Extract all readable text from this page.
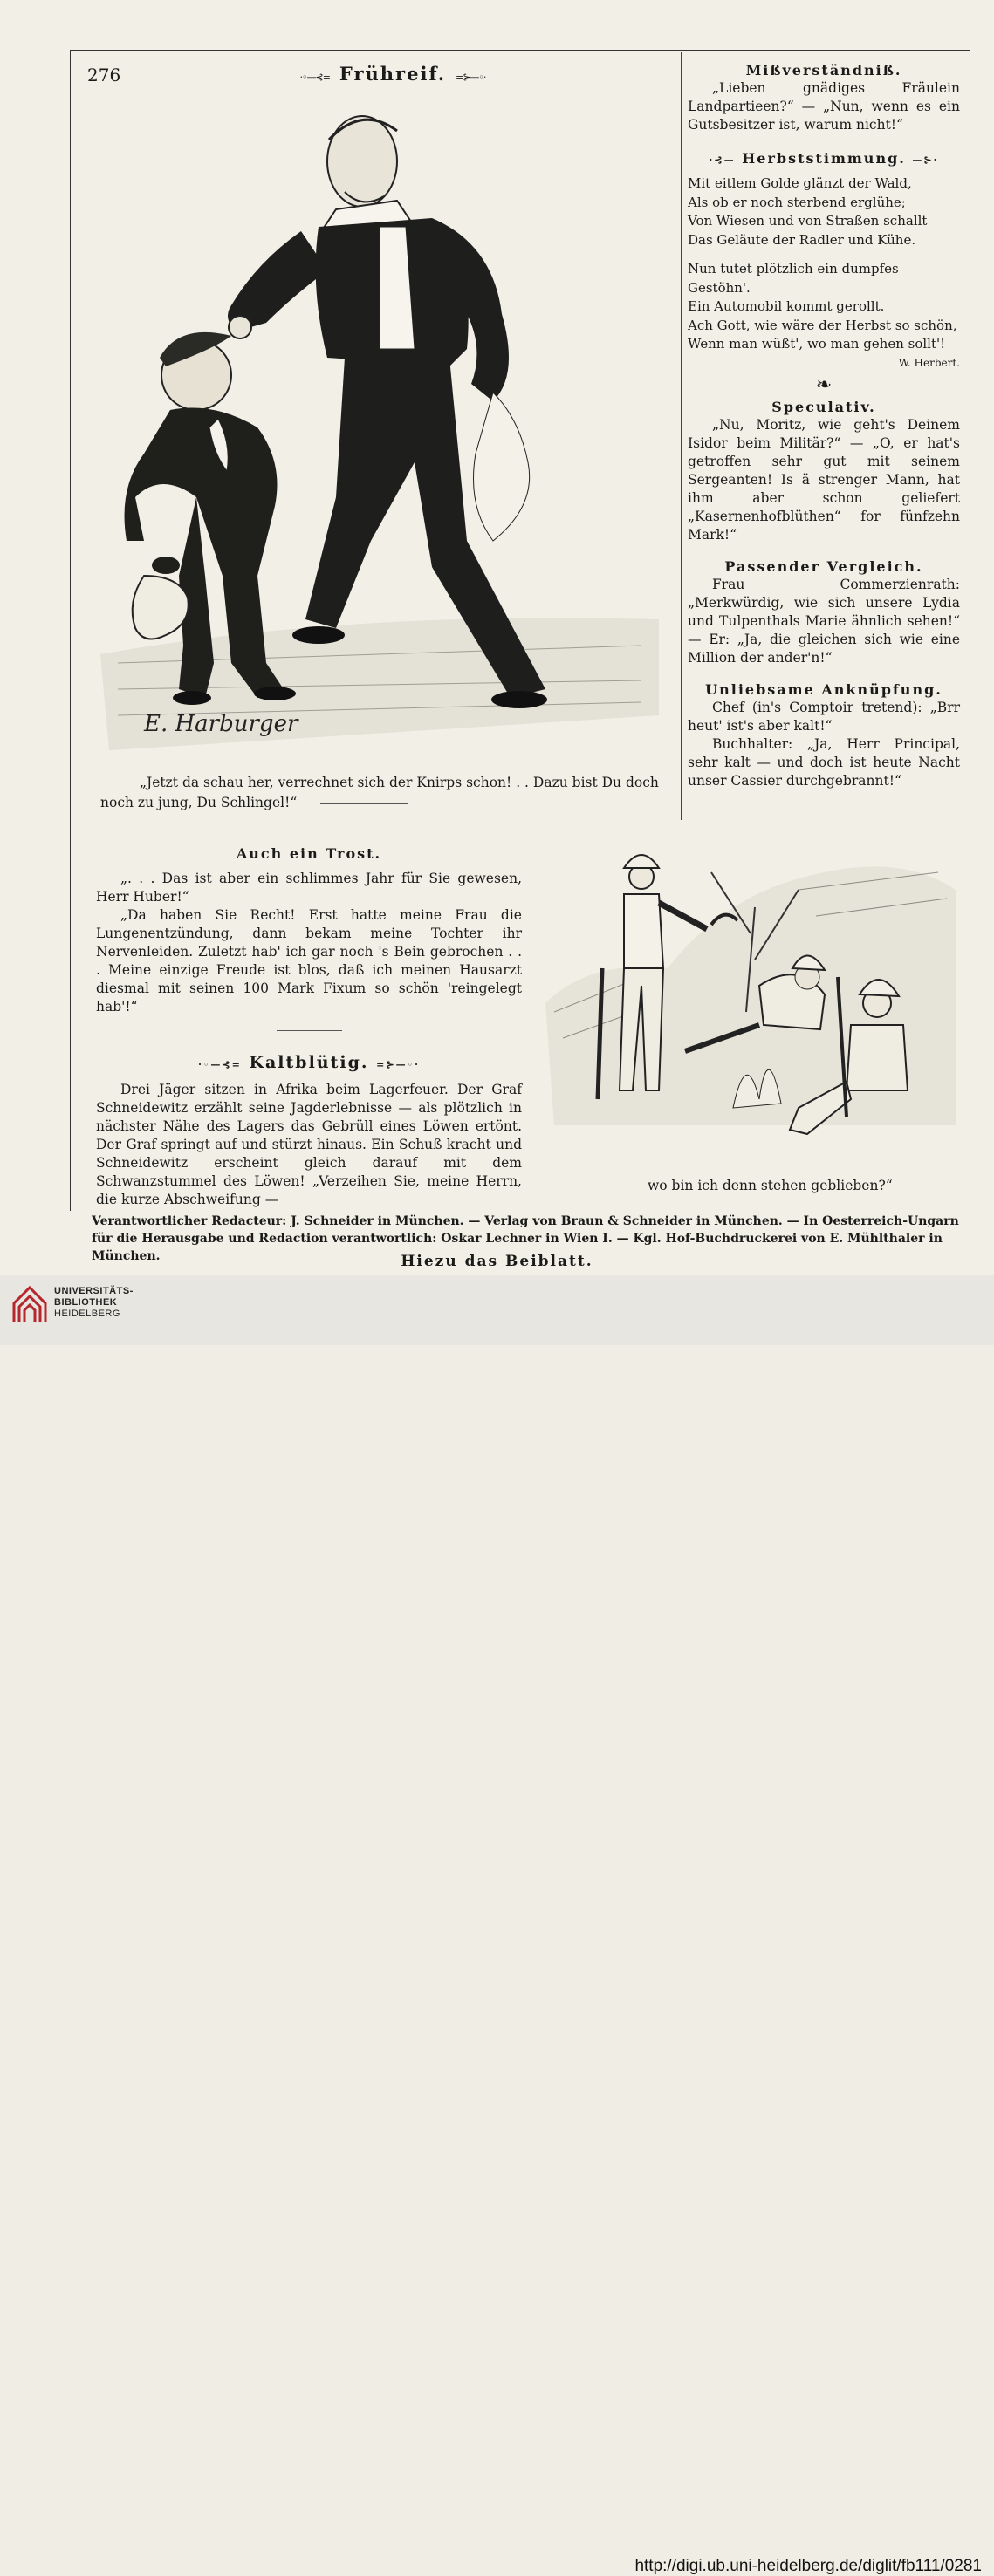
276	·◦—⊰= Frühreif. =⊱—◦·
E. Harburger
„Jetzt da schau her, verrechnet sich der Knirps schon! . . Dazu bist Du doch
noch zu jung, Du Schlingel!“
Mißverständniß.

„Lieben gnädiges Fräulein Landpartieen?“ — „Nun, wenn es ein Gutsbesitzer ist, warum nicht!“

·⊰— Herbststimmung. —⊱·

Mit eitlem Golde glänzt der Wald,

Als ob er noch sterbend erglühe;

Von Wiesen und von Straßen schallt

Das Geläute der Radler und Kühe.

Nun tutet plötzlich ein dumpfes Gestöhn'.

Ein Automobil kommt gerollt.

Ach Gott, wie wäre der Herbst so schön,

Wenn man wüßt', wo man gehen sollt'!

W. Herbert.
❧
Speculativ.

„Nu, Moritz, wie geht's Deinem Isidor beim Militär?“ — „O, er hat's getroffen sehr gut mit seinem Sergeanten! Is ä strenger Mann, hat ihm aber schon geliefert „Kasernenhofblüthen“ for fünfzehn Mark!“

Passender Vergleich.

Frau Commerzienrath: „Merkwürdig, wie sich unsere Lydia und Tulpenthals Marie ähnlich sehen!“ — Er: „Ja, die gleichen sich wie eine Million der ander'n!“

Unliebsame Anknüpfung.

Chef (in's Comptoir tretend): „Brr heut' ist's aber kalt!“

Buchhalter: „Ja, Herr Principal, sehr kalt — und doch ist heute Nacht unser Cassier durchgebrannt!“

Auch ein Trost.

„. . . Das ist aber ein schlimmes Jahr für Sie gewesen, Herr Huber!“

„Da haben Sie Recht! Erst hatte meine Frau die Lungenentzündung, dann bekam meine Tochter ihr Nervenleiden. Zuletzt hab' ich gar noch 's Bein gebrochen . . . Meine einzige Freude ist blos, daß ich meinen Hausarzt diesmal mit seinen 100 Mark Fixum so schön 'reingelegt hab'!“

·◦—⊰= Kaltblütig. =⊱—◦·

Drei Jäger sitzen in Afrika beim Lagerfeuer. Der Graf Schneidewitz erzählt seine Jagderlebnisse — als plötzlich in nächster Nähe des Lagers das Gebrüll eines Löwen ertönt. Der Graf springt auf und stürzt hinaus. Ein Schuß kracht und Schneidewitz erscheint gleich darauf mit dem Schwanzstummel des Löwen! „Verzeihen Sie, meine Herrn, die kurze Abschweifung —

wo bin ich denn stehen geblieben?“

Verantwortlicher Redacteur: J. Schneider in München. — Verlag von Braun & Schneider in München. — In Oesterreich-Ungarn

für die Herausgabe und Redaction verantwortlich: Oskar Lechner in Wien I. — Kgl. Hof-Buchdruckerei von E. Mühlthaler in München.	Hiezu das Beiblatt.
http://digi.ub.uni-heidelberg.de/diglit/fb111/0281
UNIVERSITÄTS-
BIBLIOTHEK
HEIDELBERG
